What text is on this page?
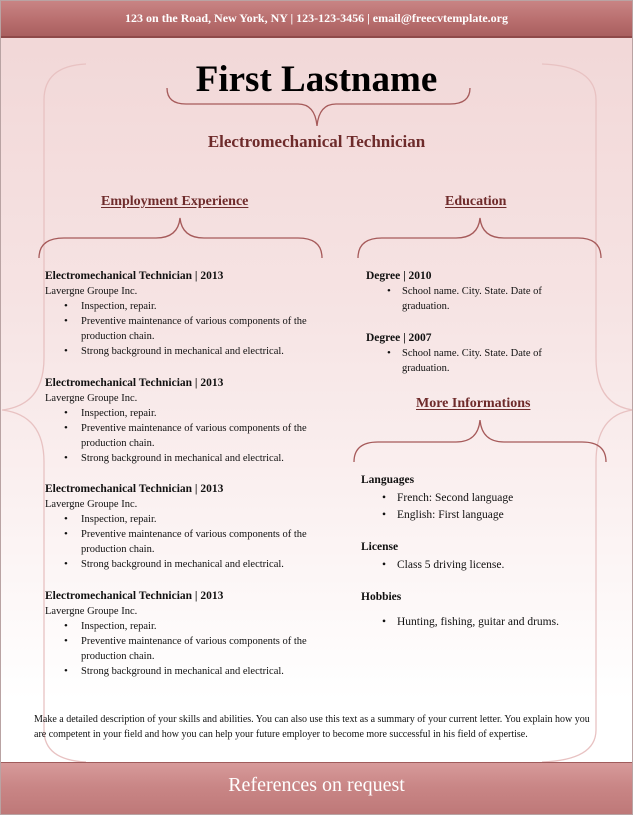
123 on the Road, New York, NY | 123-123-3456 | email@freecvtemplate.org
First Lastname
Electromechanical Technician
Employment Experience
Electromechanical Technician | 2013
Lavergne Groupe Inc.
• Inspection, repair.
• Preventive maintenance of various components of the production chain.
• Strong background in mechanical and electrical.
Electromechanical Technician | 2013
Lavergne Groupe Inc.
• Inspection, repair.
• Preventive maintenance of various components of the production chain.
• Strong background in mechanical and electrical.
Electromechanical Technician | 2013
Lavergne Groupe Inc.
• Inspection, repair.
• Preventive maintenance of various components of the production chain.
• Strong background in mechanical and electrical.
Electromechanical Technician | 2013
Lavergne Groupe Inc.
• Inspection, repair.
• Preventive maintenance of various components of the production chain.
• Strong background in mechanical and electrical.
Education
Degree | 2010
• School name. City. State. Date of graduation.
Degree | 2007
• School name. City. State. Date of graduation.
More Informations
Languages
• French: Second language
• English: First language
License
• Class 5 driving license.
Hobbies
• Hunting, fishing, guitar and drums.
Make a detailed description of your skills and abilities. You can also use this text as a summary of your current letter. You explain how you are competent in your field and how you can help your future employer to become more successful in his field of expertise.
References on request
